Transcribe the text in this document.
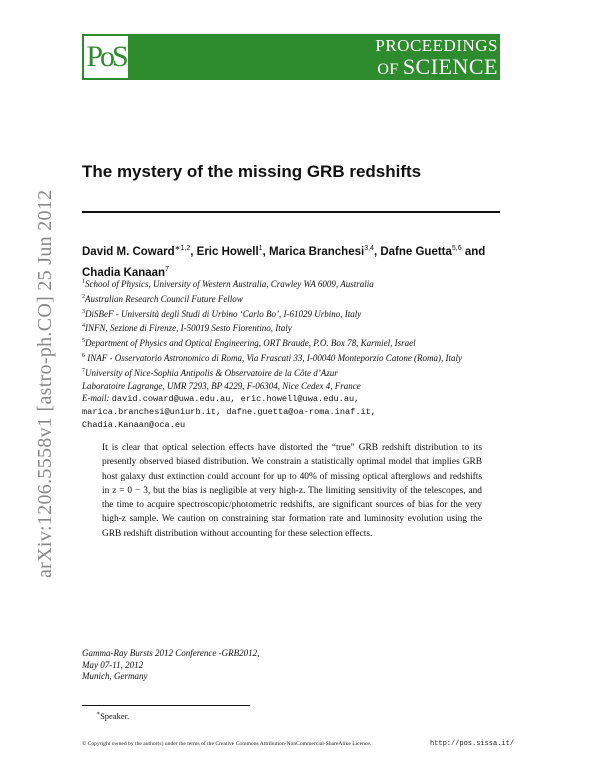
PoS	PROCEEDINGS
OF SCIENCE
arXiv:1206.5558v1 [astro-ph.CO] 25 Jun 2012
The mystery of the missing GRB redshifts
David M. Coward$^{∗1,2}$, Eric Howell$^1$, Marica Branchesi$^{3,4}$, Dafne Guetta$^{5,6}$ and Chadia Kanaan$^7$
$^1$School of Physics, University of Western Australia, Crawley WA 6009, Australia
$^2$Australian Research Council Future Fellow
$^3$DiSBeF - Università degli Studi di Urbino ‘Carlo Bo’, I-61029 Urbino, Italy
$^4$INFN, Sezione di Firenze, I-50019 Sesto Fiorentino, Italy
$^5$Department of Physics and Optical Engineering, ORT Braude, P.O. Box 78, Karmiel, Israel
$^6$ INAF - Osservatorio Astronomico di Roma, Via Frascati 33, I-00040 Monteporzio Catone (Roma), Italy
$^7$University of Nice-Sophia Antipolis & Observatoire de la Côte d’Azur
Laboratoire Lagrange, UMR 7293, BP 4229, F-06304, Nice Cedex 4, France
E-mail: david.coward@uwa.edu.au, eric.howell@uwa.edu.au,
marica.branchesi@uniurb.it, dafne.guetta@oa-roma.inaf.it,
Chadia.Kanaan@oca.eu
It is clear that optical selection effects have distorted the “true” GRB redshift distribution to its presently observed biased distribution. We constrain a statistically optimal model that implies GRB host galaxy dust extinction could account for up to 40% of missing optical afterglows and redshifts in z = 0 − 3, but the bias is negligible at very high-z. The limiting sensitivity of the telescopes, and the time to acquire spectroscopic/photometric redshifts, are significant sources of bias for the very high-z sample. We caution on constraining star formation rate and luminosity evolution using the GRB redshift distribution without accounting for these selection effects.
Gamma-Ray Bursts 2012 Conference -GRB2012,
May 07-11, 2012
Munich, Germany
∗Speaker.
© Copyright owned by the author(s) under the terms of the Creative Commons Attribution-NonCommercial-ShareAlike Licence.	http://pos.sissa.it/
